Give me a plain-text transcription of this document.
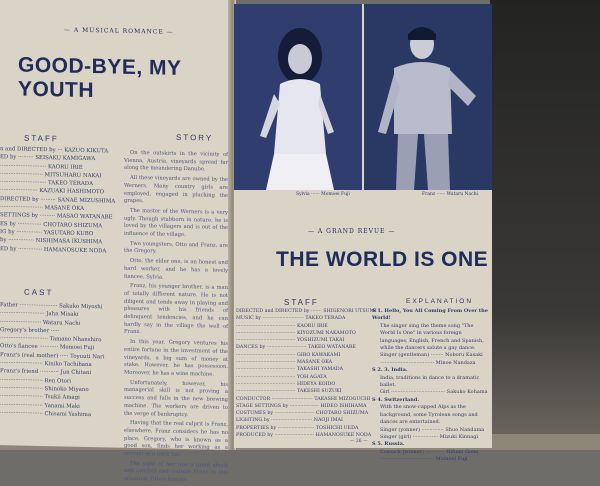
— A MUSICAL ROMANCE —
GOOD-BYE, MY YOUTH
STAFF
n and DIRECTED by ··· KAZUO KIKUTA
ED by ········· SEISAKU KAMIGAWA
··························· KAORU IRIE
························· MITSUHARU NAKAI
··························· TAKEO TERADA
······················ KAZUAKI HASHIMOTO
DIRECTED by ········· SANAE MIZUSHIMA
························· MASANE OKA
SETTINGS by ········· MASAO WATANABE
ES by ·············· CHOTARO SHIZUMA
IG by ··············· YASUTARO KUBO
by ··············· NISHIMASA IKUSHIMA
ED by ·············· HAMANOSUKE NODA
STORY

On the outskirts in the vicinity of Vienna, Austria, vineyards spread far along the meandering Danube.

All these vineyards are owned by the Werners. Many country girls are employed, engaged in plucking the grapes.

The master of the Werners is a very ugly. Though stubborn in nature, he is loved by the villagers and is out of the influence of the village.

Two youngsters, Otto and Franz, are the Gregory.

Otto, the elder one, is an honest and hard worker, and he has a lovely fiancee, Sylvia.

Franz, his younger brother, is a man of totally different nature. He is not diligent and tends away in playing and pleasures with his friends of delinquent tendencies, and he can hardly say in the village the well of Franz.

In this year, Gregory ventures his entire fortune in the investment of the vineyards, a big sum of money at stake. However, he has possession. Moreover, he has a wine machine.

Unfortunately, however, his managerial skill is not proving a success and falls in the new brewing machine. The workers are driven to the verge of bankruptcy.

Having that the real culprit is Franz, elsewhere, Franz considers he has no place, Gregory, who is known as a good son, finds her working as a servant in a town bar.

The sight of her was a great shock and comfort and console Franz in this situation, Otto's fiancee.

CAST
Father ······················ Sakuko Miyoshi
·························· Jahn Misaki
························ Wataru Nachi
Gregory's brother ·····
···························· Tamano Nhanshiro
Otto's fiancee ··········· Momoei Fuji
Franz's (real mother) ····· Toyuuti Nari
························· Kiniko Tachibana
Franz's friend ··········· Jun Chitani
························· Ren Otori
························· Shinoko Miyano
························· Tsukii Amagi
························· Yanami Maki
························· Chisami Yashima
Sylvia ······ Momoei Fuji	Franz ······ Wataru Nachi
— A GRAND REVUE —
THE WORLD IS ONE
STAFF
DIRECTED and DIRECTED by ······· SHIGENORI UTSUMI
MUSIC by ··························· TAKEO TERADA
······································· KAORU IRIE
······································· KIYOZUMI NAKAMOTO
······································· YOSHIZUMI TAKAI
DANCES by ·························· TAKEO WATANABE
······································· GIRO KAWAKAMI
······································· MASANE OKA
······································· TAKASHI YAMADA
······································· YOH AGATA
······································· HIDEYA KOIDO
······································· TAKESHI SUZUKI
CONDUCTOR ··························· TAKASHI MIZOGUCHI
STAGE SETTINGS by ··················· HIDEO ISHIHAMA
COSTUMES by ·························· CHOTARO SHIZUMA
LIGHTING by ··························· NAOJI IMAI
PROPERTIES by ························ TOSHICHI UEDA
PRODUCED by ·························· HAMANOSUKE NODA
EXPLANATION
S 1. Hello, You All Coming From Over the World!
The singer sing the theme song "The World Is One" in various foreign languages, English, French and Spanish, while the dancers salute a gay dance.
Singer (gentleman) ········ Noboru Kasaki
·································· Minoe Nandaza
S 2. 3. India.
India, traditions in dance to a dramatic ballet.
Girl ·································· Sakuko Kohama
S 4. Switzerland.
With the snow-capped Alps as the background, some Tyrolean songs and dances are entertained.
Singer (yonner) ·············· Shuo Nandama
Singer (girl) ················ Mizuki Kinnagi
S 5. Russia.
Cossack (yonner) ············ Hifumi Gono
·································· Momoei Fuji
— 26 —
